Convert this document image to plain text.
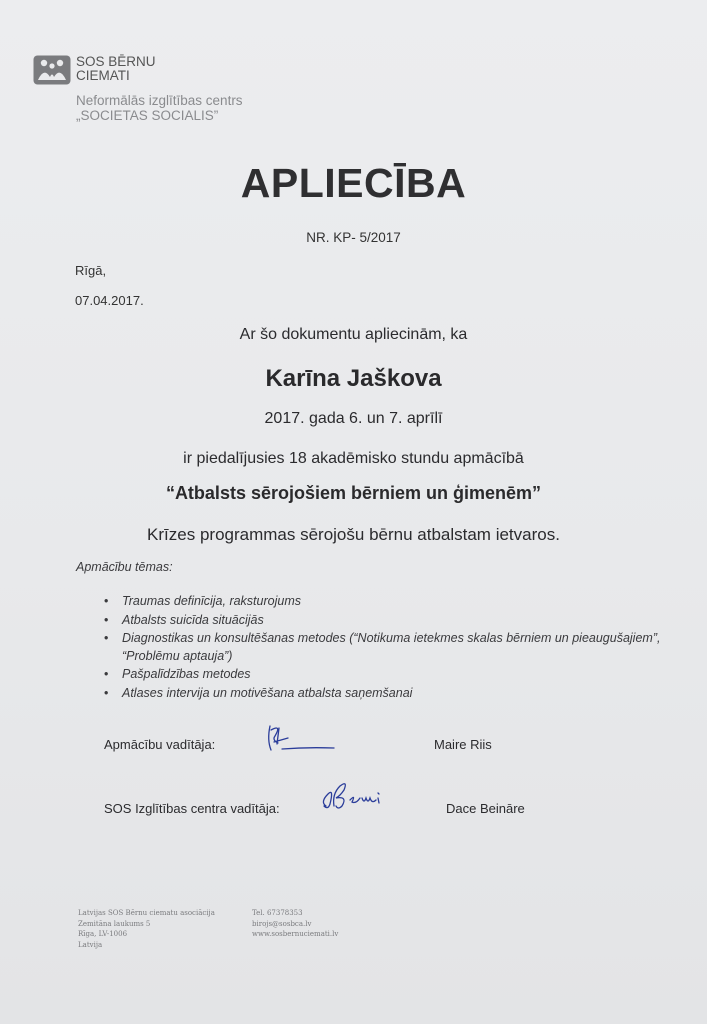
SOS BĒRNU
CIEMATI
Neformālās izglītības centrs
„SOCIETAS SOCIALIS”
APLIECĪBA
NR. KP- 5/2017
Rīgā,
07.04.2017.
Ar šo dokumentu apliecinām, ka
Karīna Jaškova
2017. gada 6. un 7. aprīlī
ir piedalījusies 18 akadēmisko stundu apmācībā
“Atbalsts sērojošiem bērniem un ģimenēm”
Krīzes programmas sērojošu bērnu atbalstam ietvaros.
Apmācību tēmas:
• Traumas definīcija, raksturojums
• Atbalsts suicīda situācijās
• Diagnostikas un konsultēšanas metodes (“Notikuma ietekmes skalas bērniem un pieaugušajiem”, “Problēmu aptauja”)
• Pašpalīdzības metodes
• Atlases intervija un motivēšana atbalsta saņemšanai
Apmācību vadītāja:	Maire Riis
SOS Izglītības centra vadītāja:	Dace Beināre
Latvijas SOS Bērnu ciematu asociācija
Zemitāna laukums 5
Rīga, LV-1006
Latvija
Tel. 67378353
birojs@sosbca.lv
www.sosbernuciemati.lv
